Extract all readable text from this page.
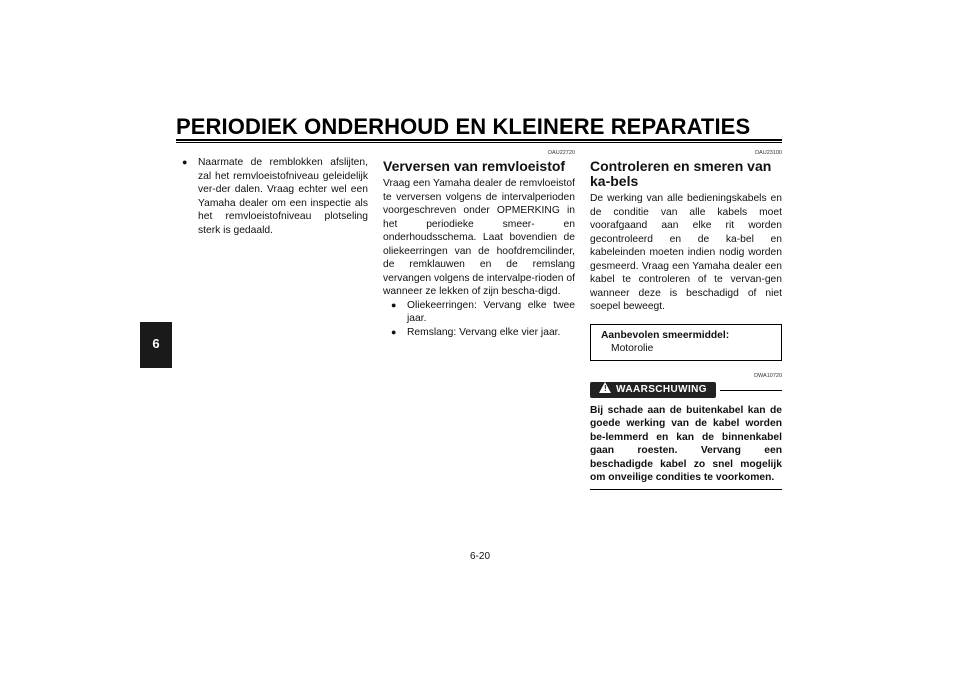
PERIODIEK ONDERHOUD EN KLEINERE REPARATIES
6
● Naarmate de remblokken afslijten, zal het remvloeistofniveau geleidelijk ver-der dalen. Vraag echter wel een Yamaha dealer om een inspectie als het remvloeistofniveau plotseling sterk is gedaald.
DAU22720
Verversen van remvloeistof
Vraag een Yamaha dealer de remvloeistof te verversen volgens de intervalperioden voorgeschreven onder OPMERKING in het periodieke smeer- en onderhoudsschema. Laat bovendien de oliekeerringen van de hoofdremcilinder, de remklauwen en de remslang vervangen volgens de intervalpe-rioden of wanneer ze lekken of zijn bescha-digd.
● Oliekeerringen: Vervang elke twee jaar.
● Remslang: Vervang elke vier jaar.
DAU23100
Controleren en smeren van ka-bels
De werking van alle bedieningskabels en de conditie van alle kabels moet voorafgaand aan elke rit worden gecontroleerd en de ka-bel en kabeleinden moeten indien nodig worden gesmeerd. Vraag een Yamaha dealer een kabel te controleren of te vervan-gen wanneer deze is beschadigd of niet soepel beweegt.
Aanbevolen smeermiddel:
Motorolie
DWA10720
! WAARSCHUWING
Bij schade aan de buitenkabel kan de goede werking van de kabel worden be-lemmerd en kan de binnenkabel gaan roesten. Vervang een beschadigde kabel zo snel mogelijk om onveilige condities te voorkomen.
6-20
